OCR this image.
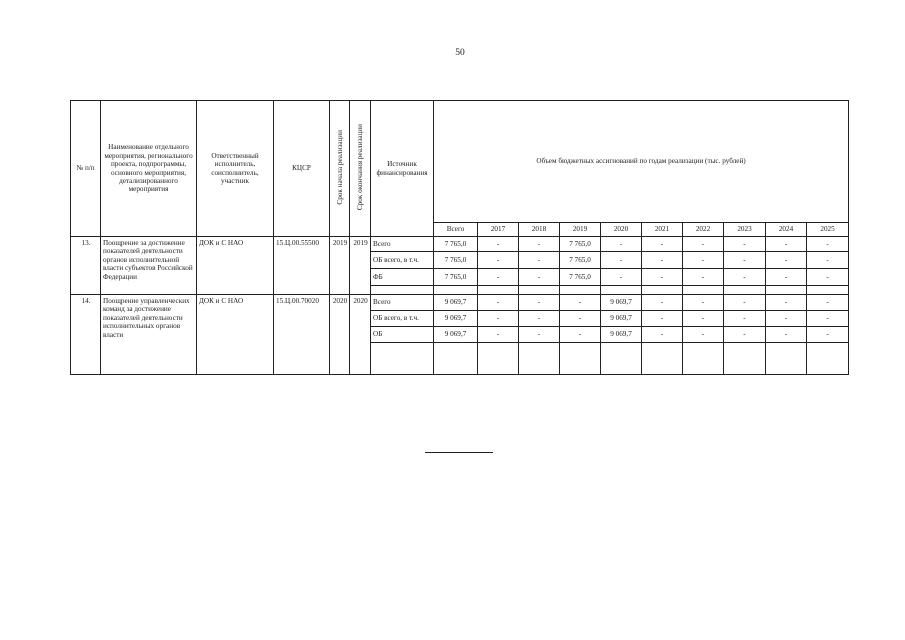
50
№ п/п	Наименование отдельного мероприятия, регионального проекта, подпрограммы, основного мероприятия, детализированного мероприятия	Ответственный исполнитель, соисполнитель, участник	КЦСР	Срок начала реализации	Срок окончания реализации	Источник финансирования	Объем бюджетных ассигнований по годам реализации (тыс. рублей)									
							Всего	2017	2018	2019	2020	2021	2022	2023	2024	2025
13.	Поощрение за достижение показателей деятельности органов исполнительной власти субъектов Российской Федерации	ДОК и С НАО	15.Ц.00.55500	2019	2019	Всего	7 765,0	-	-	7 765,0	-	-	-	-	-	-
						ОБ всего, в т.ч.	7 765,0	-	-	7 765,0	-	-	-	-	-	-
						ФБ	7 765,0	-	-	7 765,0	-	-	-	-	-	-

14.	Поощрение управленческих команд за достижение показателей деятельности исполнительных органов власти	ДОК и С НАО	15.Ц.00.70020	2020	2020	Всего	9 069,7	-	-	-	9 069,7	-	-	-	-	-
						ОБ всего, в т.ч.	9 069,7	-	-	-	9 069,7	-	-	-	-	-
						ОБ	9 069,7	-	-	-	9 069,7	-	-	-	-	-
